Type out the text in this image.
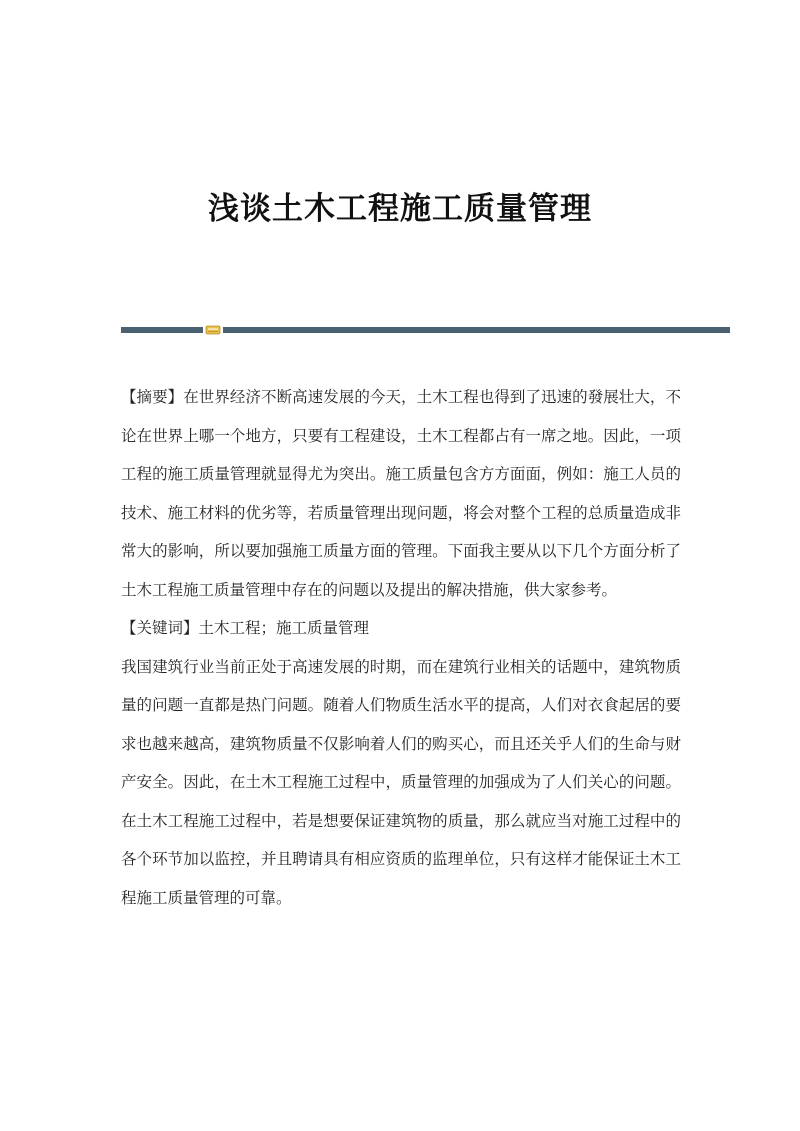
浅谈土木工程施工质量管理

【摘要】在世界经济不断高速发展的今天，土木工程也得到了迅速的發展壮大，不论在世界上哪一个地方，只要有工程建设，土木工程都占有一席之地。因此，一项工程的施工质量管理就显得尤为突出。施工质量包含方方面面，例如：施工人员的技术、施工材料的优劣等，若质量管理出现问题，将会对整个工程的总质量造成非常大的影响，所以要加强施工质量方面的管理。下面我主要从以下几个方面分析了土木工程施工质量管理中存在的问题以及提出的解决措施，供大家参考。

【关键词】土木工程；施工质量管理

我国建筑行业当前正处于高速发展的时期，而在建筑行业相关的话题中，建筑物质量的问题一直都是热门问题。随着人们物质生活水平的提高，人们对衣食起居的要求也越来越高，建筑物质量不仅影响着人们的购买心，而且还关乎人们的生命与财产安全。因此，在土木工程施工过程中，质量管理的加强成为了人们关心的问题。在土木工程施工过程中，若是想要保证建筑物的质量，那么就应当对施工过程中的各个环节加以监控，并且聘请具有相应资质的监理单位，只有这样才能保证土木工程施工质量管理的可靠。
